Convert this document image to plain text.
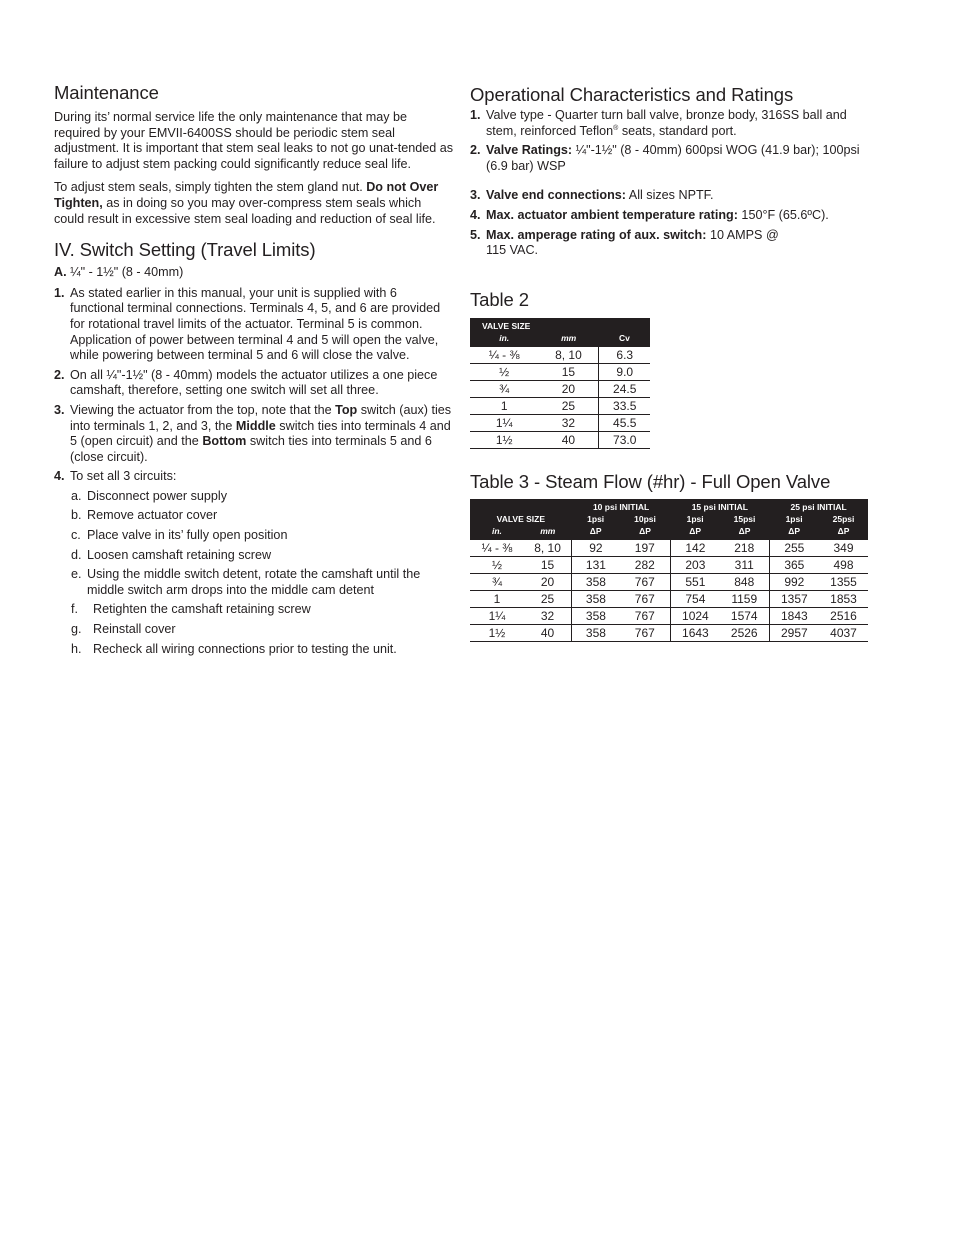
Maintenance

During its’ normal service life the only maintenance that may be required by your EMVII-6400SS should be periodic stem seal adjustment. It is important that stem seal leaks to not go unat-tended as failure to adjust stem packing could significantly reduce seal life.

To adjust stem seals, simply tighten the stem gland nut. Do not Over Tighten, as in doing so you may over-compress stem seals which could result in excessive stem seal loading and reduction of seal life.

IV. Switch Setting (Travel Limits)
A. ¼" - 1½" (8 - 40mm)
1. As stated earlier in this manual, your unit is supplied with 6 functional terminal connections. Terminals 4, 5, and 6 are provided for rotational travel limits of the actuator. Terminal 5 is common. Application of power between terminal 4 and 5 will open the valve, while powering between terminal 5 and 6 will close the valve.
2. On all ¼"-1½" (8 - 40mm) models the actuator utilizes a one piece camshaft, therefore, setting one switch will set all three.
3. Viewing the actuator from the top, note that the Top switch (aux) ties into terminals 1, 2, and 3, the Middle switch ties into terminals 4 and 5 (open circuit) and the Bottom switch ties into terminals 5 and 6 (close circuit).
4. To set all 3 circuits:
a. Disconnect power supply
b. Remove actuator cover
c. Place valve in its’ fully open position
d. Loosen camshaft retaining screw
e. Using the middle switch detent, rotate the camshaft until the middle switch arm drops into the middle cam detent
f.	Retighten the camshaft retaining screw
g. Reinstall cover
h. Recheck all wiring connections prior to testing the unit.
Operational Characteristics and Ratings
1. Valve type - Quarter turn ball valve, bronze body, 316SS ball and stem, reinforced Teflon® seats, standard port.
2. Valve Ratings: ¼"-1½" (8 - 40mm) 600psi WOG (41.9 bar); 100psi (6.9 bar) WSP
3. Valve end connections: All sizes NPTF.
4. Max. actuator ambient temperature rating: 150°F (65.6ºC).
5. Max. amperage rating of aux. switch: 10 AMPS @ 115 VAC.
Table 2
VALVE SIZE		
in.	mm	Cv
¼ - ⅜	8, 10	6.3
½	15	9.0
¾	20	24.5
1	25	33.5
1¼	32	45.5
1½	40	73.0
Table 3 - Steam Flow (#hr) - Full Open Valve
VALVE SIZE		10 psi INITIAL		15 psi INITIAL		25 psi INITIAL	
		1psi	10psi	1psi	15psi	1psi	25psi
in.	mm	ΔP	ΔP	ΔP	ΔP	ΔP	ΔP
¼ - ⅜	8, 10	92	197	142	218	255	349
½	15	131	282	203	311	365	498
¾	20	358	767	551	848	992	1355
1	25	358	767	754	1159	1357	1853
1¼	32	358	767	1024	1574	1843	2516
1½	40	358	767	1643	2526	2957	4037
